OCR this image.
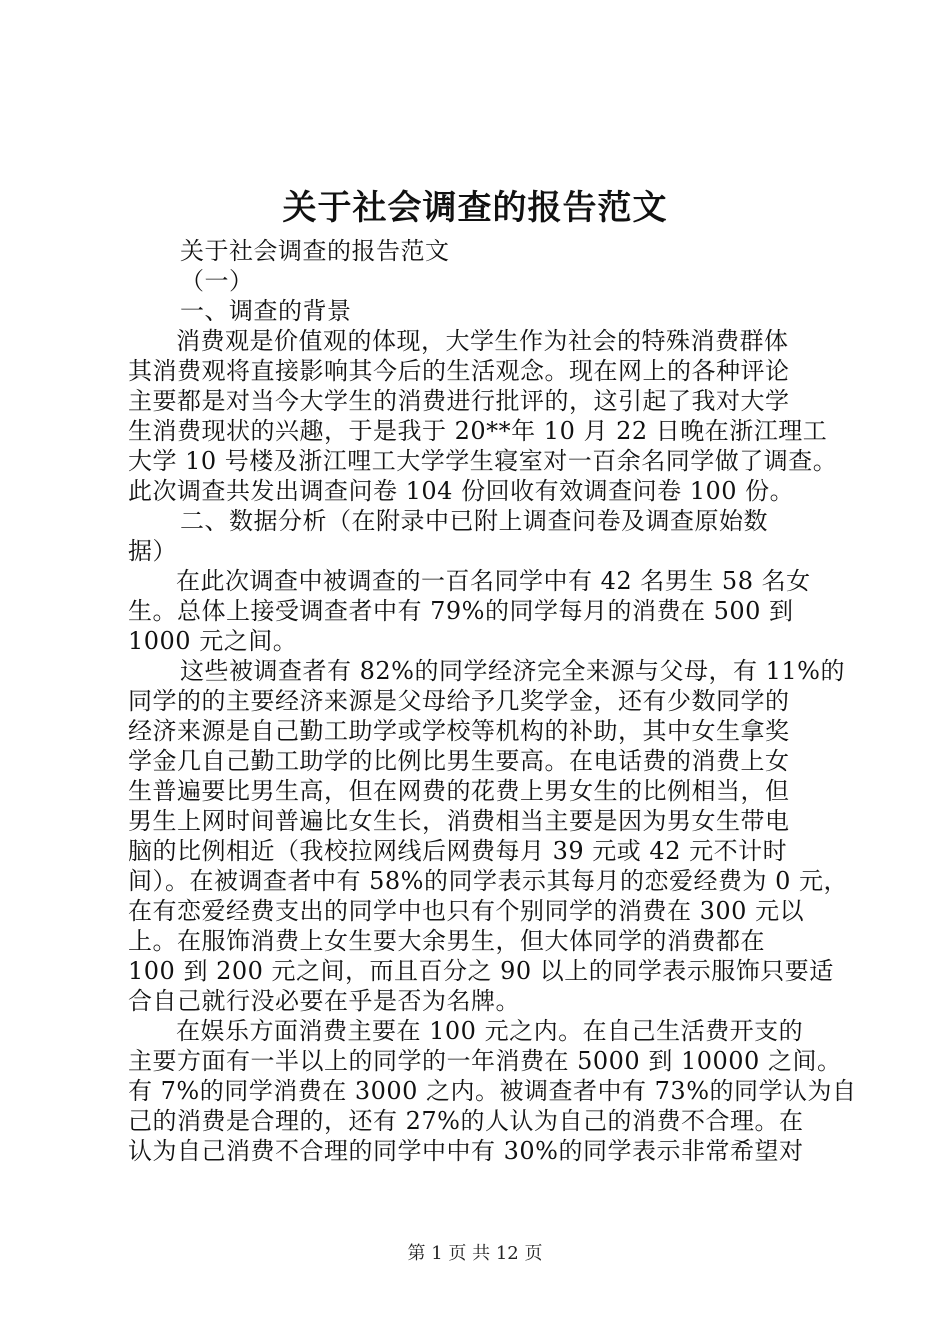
关于社会调查的报告范文
关于社会调查的报告范文
（一）
一、调查的背景
消费观是价值观的体现，大学生作为社会的特殊消费群体
其消费观将直接影响其今后的生活观念。现在网上的各种评论
主要都是对当今大学生的消费进行批评的，这引起了我对大学
生消费现状的兴趣，于是我于 20**年 10 月 22 日晚在浙江理工
大学 10 号楼及浙江哩工大学学生寝室对一百余名同学做了调查。
此次调查共发出调查问卷 104 份回收有效调查问卷 100 份。
二、数据分析（在附录中已附上调查问卷及调查原始数
据）
在此次调查中被调查的一百名同学中有 42 名男生 58 名女
生。总体上接受调查者中有 79%的同学每月的消费在 500 到
1000 元之间。
这些被调查者有 82%的同学经济完全来源与父母，有 11%的
同学的的主要经济来源是父母给予几奖学金，还有少数同学的
经济来源是自己勤工助学或学校等机构的补助，其中女生拿奖
学金几自己勤工助学的比例比男生要高。在电话费的消费上女
生普遍要比男生高，但在网费的花费上男女生的比例相当，但
男生上网时间普遍比女生长，消费相当主要是因为男女生带电
脑的比例相近（我校拉网线后网费每月 39 元或 42 元不计时
间）。在被调查者中有 58%的同学表示其每月的恋爱经费为 0 元，
在有恋爱经费支出的同学中也只有个别同学的消费在 300 元以
上。在服饰消费上女生要大余男生，但大体同学的消费都在
100 到 200 元之间，而且百分之 90 以上的同学表示服饰只要适
合自己就行没必要在乎是否为名牌。
在娱乐方面消费主要在 100 元之内。在自己生活费开支的
主要方面有一半以上的同学的一年消费在 5000 到 10000 之间。
有 7%的同学消费在 3000 之内。被调查者中有 73%的同学认为自
己的消费是合理的，还有 27%的人认为自己的消费不合理。在
认为自己消费不合理的同学中中有 30%的同学表示非常希望对
第 1 页 共 12 页
